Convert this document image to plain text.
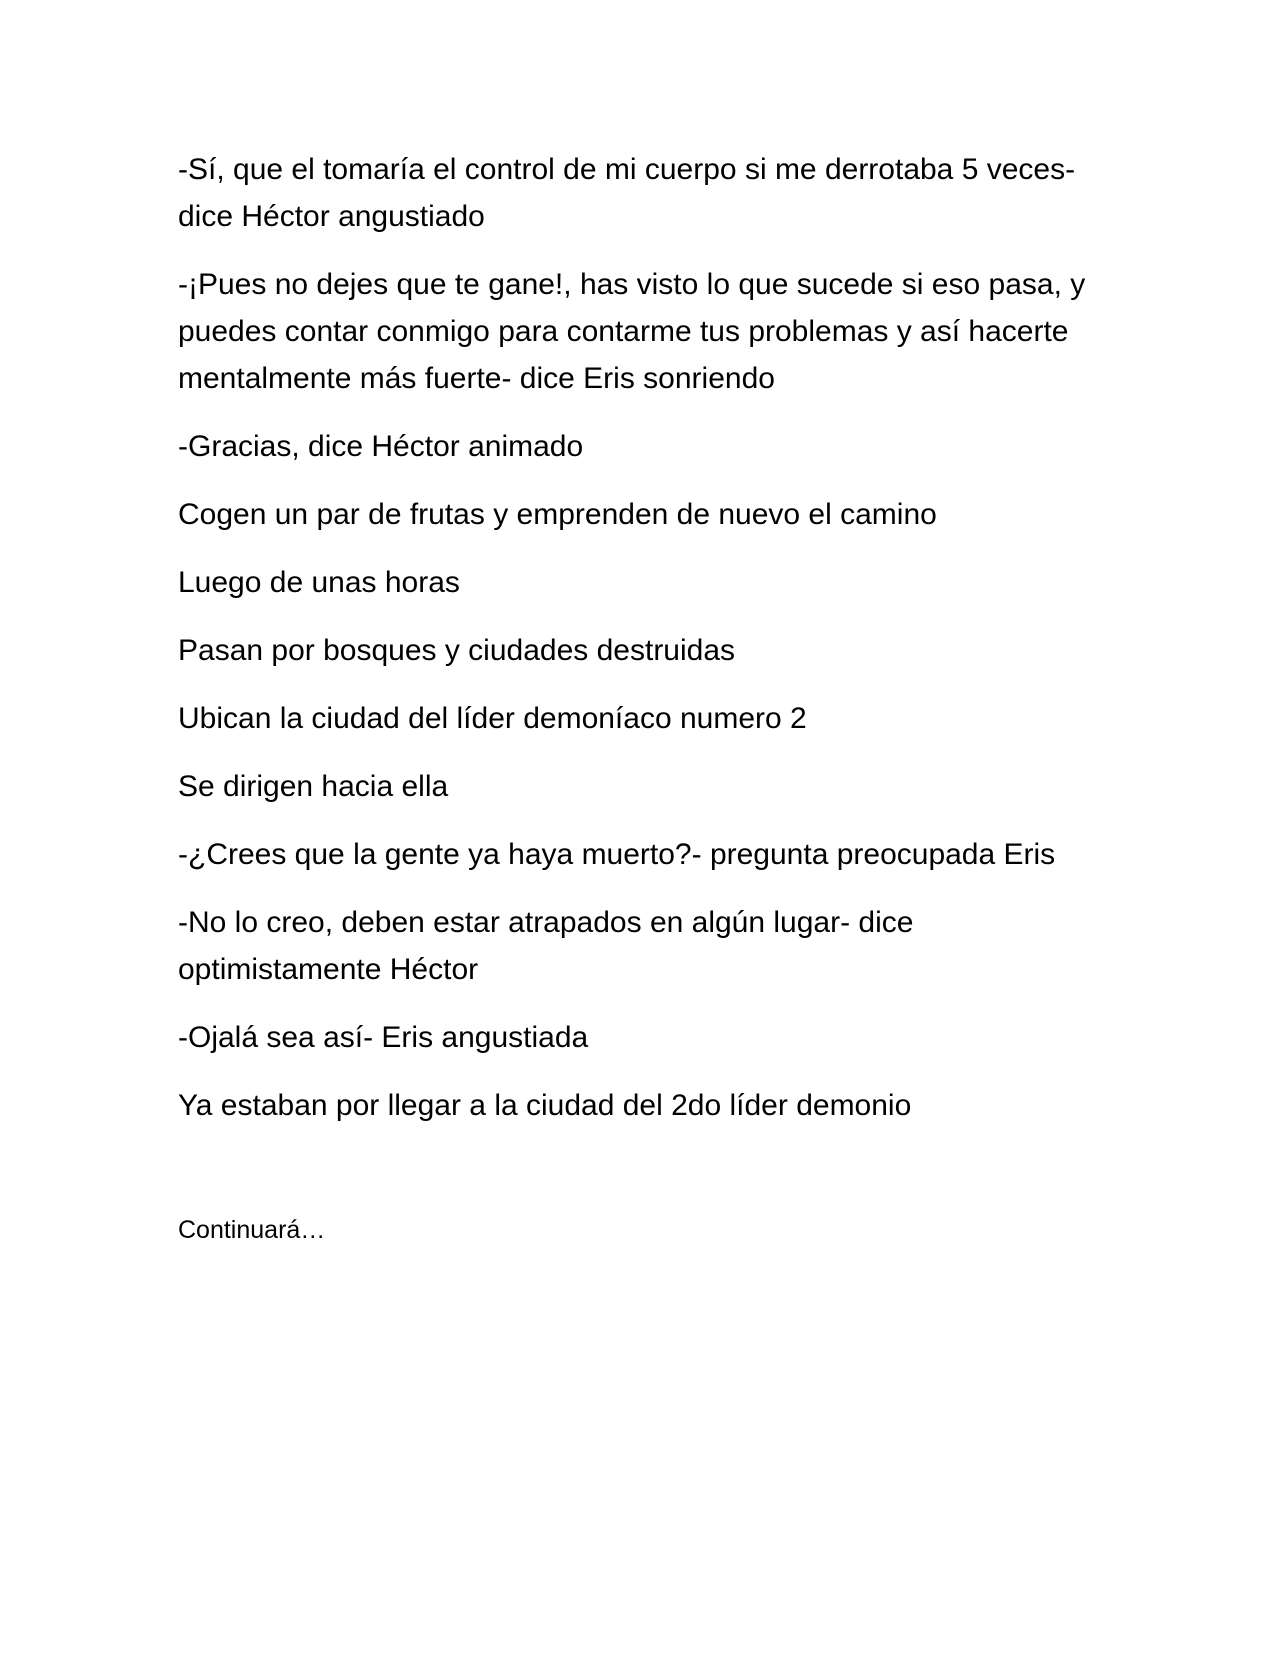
-Sí, que el tomaría el control de mi cuerpo si me derrotaba 5 veces- dice Héctor angustiado

-¡Pues no dejes que te gane!, has visto lo que sucede si eso pasa, y puedes contar conmigo para contarme tus problemas y así hacerte mentalmente más fuerte- dice Eris sonriendo

-Gracias, dice Héctor animado

Cogen un par de frutas y emprenden de nuevo el camino

Luego de unas horas

Pasan por bosques y ciudades destruidas

Ubican la ciudad del líder demoníaco numero 2

Se dirigen hacia ella

-¿Crees que la gente ya haya muerto?- pregunta preocupada Eris

-No lo creo, deben estar atrapados en algún lugar- dice optimistamente Héctor

-Ojalá sea así- Eris angustiada

Ya estaban por llegar a la ciudad del 2do líder demonio

Continuará…
